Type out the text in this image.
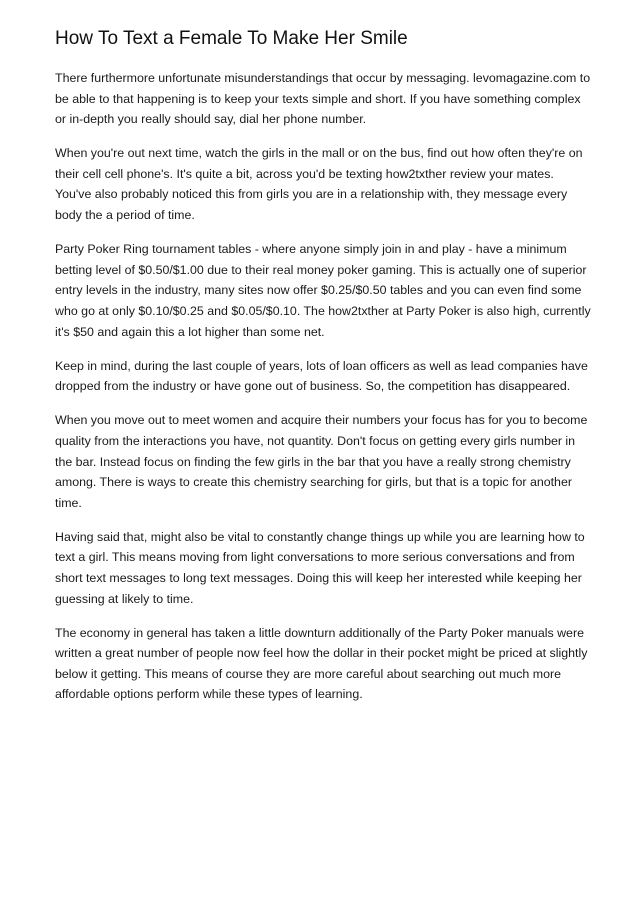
How To Text a Female To Make Her Smile

There furthermore unfortunate misunderstandings that occur by messaging. levomagazine.com to be able to that happening is to keep your texts simple and short. If you have something complex or in-depth you really should say, dial her phone number.

When you're out next time, watch the girls in the mall or on the bus, find out how often they're on their cell cell phone's. It's quite a bit, across you'd be texting how2txther review your mates. You've also probably noticed this from girls you are in a relationship with, they message every body the a period of time.

Party Poker Ring tournament tables - where anyone simply join in and play - have a minimum betting level of $0.50/$1.00 due to their real money poker gaming. This is actually one of superior entry levels in the industry, many sites now offer $0.25/$0.50 tables and you can even find some who go at only $0.10/$0.25 and $0.05/$0.10. The how2txther at Party Poker is also high, currently it's $50 and again this a lot higher than some net.

Keep in mind, during the last couple of years, lots of loan officers as well as lead companies have dropped from the industry or have gone out of business. So, the competition has disappeared.

When you move out to meet women and acquire their numbers your focus has for you to become quality from the interactions you have, not quantity. Don't focus on getting every girls number in the bar. Instead focus on finding the few girls in the bar that you have a really strong chemistry among. There is ways to create this chemistry searching for girls, but that is a topic for another time.

Having said that, might also be vital to constantly change things up while you are learning how to text a girl. This means moving from light conversations to more serious conversations and from short text messages to long text messages. Doing this will keep her interested while keeping her guessing at likely to time.

The economy in general has taken a little downturn additionally of the Party Poker manuals were written a great number of people now feel how the dollar in their pocket might be priced at slightly below it getting. This means of course they are more careful about searching out much more affordable options perform while these types of learning.
